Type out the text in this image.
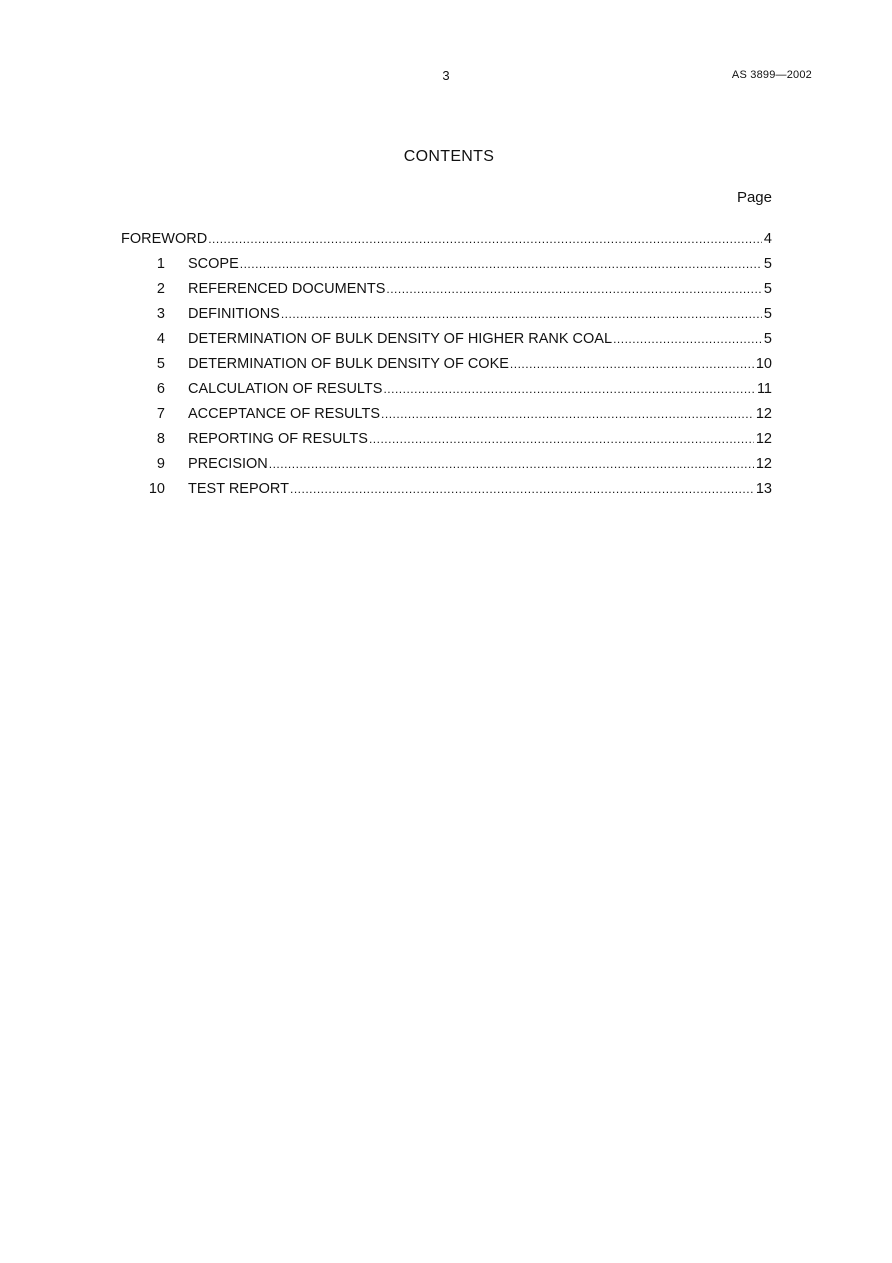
3	AS 3899—2002
CONTENTS
Page
FOREWORD .....	4
1 SCOPE .....	5
2 REFERENCED DOCUMENTS .....	5
3 DEFINITIONS .....	5
4 DETERMINATION OF BULK DENSITY OF HIGHER RANK COAL .....	5
5 DETERMINATION OF BULK DENSITY OF COKE .....	10
6 CALCULATION OF RESULTS .....	11
7 ACCEPTANCE OF RESULTS .....	12
8 REPORTING OF RESULTS .....	12
9 PRECISION .....	12
10 TEST REPORT .....	13
